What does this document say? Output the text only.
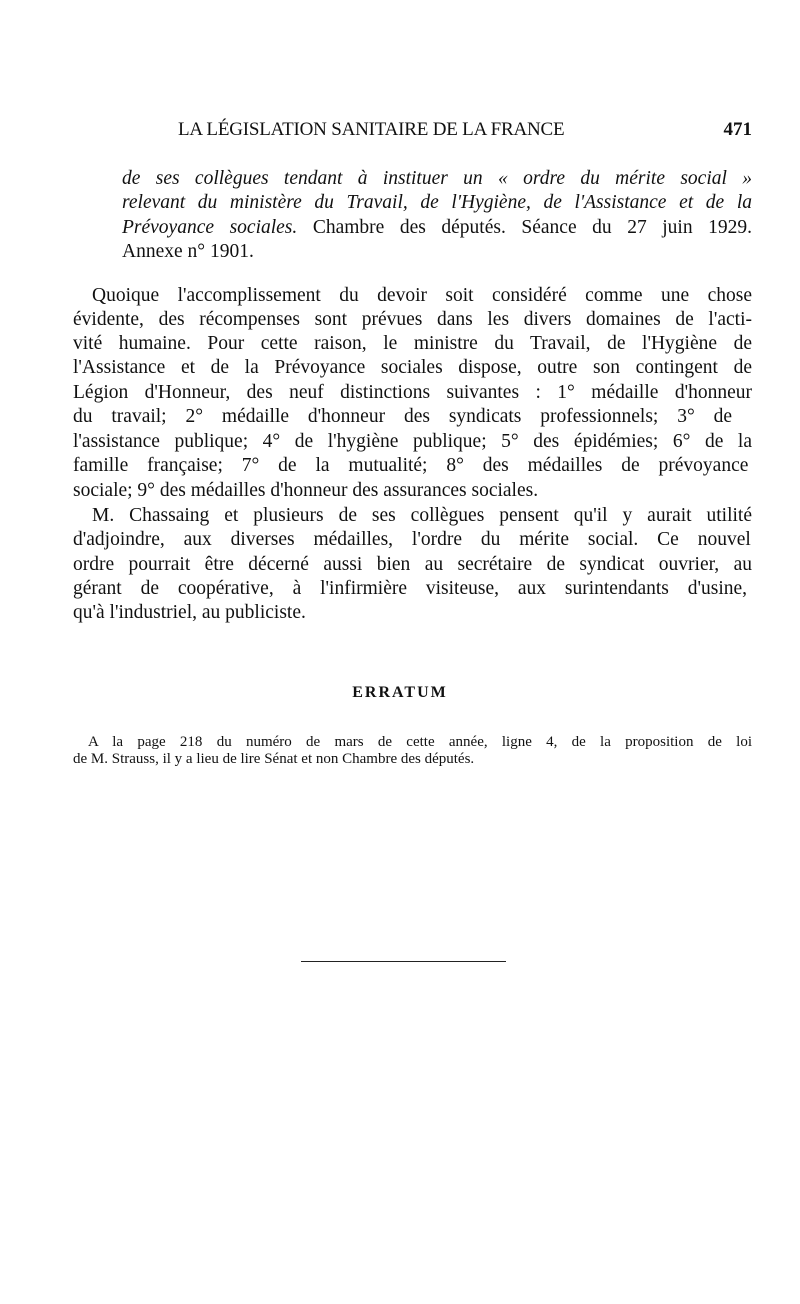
LA LÉGISLATION SANITAIRE DE LA FRANCE	471
de ses collègues tendant à instituer un « ordre du mérite social »
relevant du ministère du Travail, de l'Hygiène, de l'Assistance et de la
Prévoyance sociales. Chambre des députés. Séance du 27 juin 1929.
Annexe n° 1901.
Quoique l'accomplissement du devoir soit considéré comme une chose
évidente, des récompenses sont prévues dans les divers domaines de l'acti-
vité humaine. Pour cette raison, le ministre du Travail, de l'Hygiène de
l'Assistance et de la Prévoyance sociales dispose, outre son contingent de
Légion d'Honneur, des neuf distinctions suivantes : 1° médaille d'honneur
du travail; 2° médaille d'honneur des syndicats professionnels; 3° de
l'assistance publique; 4° de l'hygiène publique; 5° des épidémies; 6° de la
famille française; 7° de la mutualité; 8° des médailles de prévoyance
sociale; 9° des médailles d'honneur des assurances sociales.
M. Chassaing et plusieurs de ses collègues pensent qu'il y aurait utilité
d'adjoindre, aux diverses médailles, l'ordre du mérite social. Ce nouvel
ordre pourrait être décerné aussi bien au secrétaire de syndicat ouvrier, au
gérant de coopérative, à l'infirmière visiteuse, aux surintendants d'usine,
qu'à l'industriel, au publiciste.
ERRATUM
A la page 218 du numéro de mars de cette année, ligne 4, de la proposition de loi
de M. Strauss, il y a lieu de lire Sénat et non Chambre des députés.
